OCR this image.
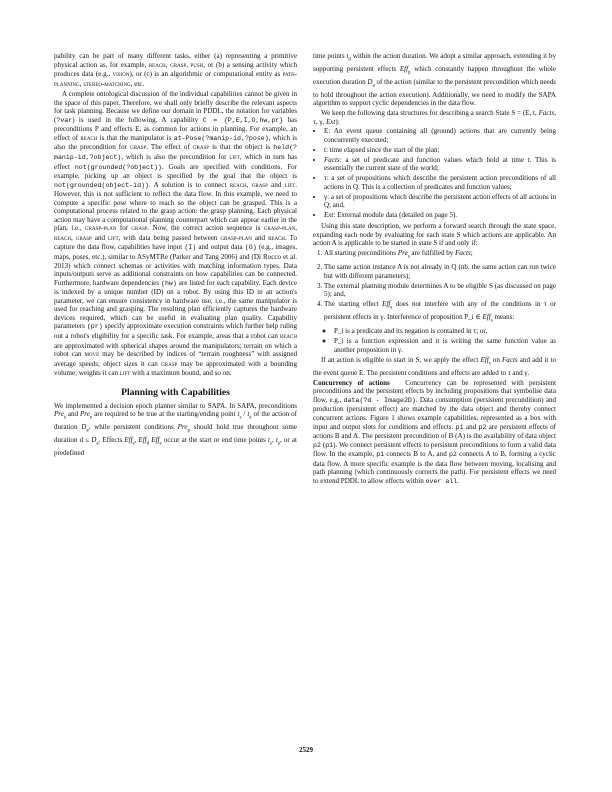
pability can be part of many different tasks, either (a) representing a primitive physical action as, for example, reach, grasp, push, or (b) a sensing activity which produces data (e.g., vision), or (c) is an algorithmic or computational entity as path-planning, stereo-matching, etc.

A complete ontological discussion of the individual capabilities cannot be given in the space of this paper. Therefore, we shall only briefly describe the relevant aspects for task planning. Because we define our domain in PDDL, the notation for variables (?var) is used in the following. A capability C = {P,E,I,O,hw,pr} has preconditions P and effects E, as common for actions in planning. For example, an effect of reach is that the manipulator is at-Pose(?manip-id,?pose), which is also the precondition for grasp. The effect of grasp is that the object is held(?manip-id,?object), which is also the precondition for lift, which in turn has effect not(grounded(?object)). Goals are specified with conditions. For example, picking up an object is specified by the goal that the object is not(grounded(object-id)). A solution is to connect reach, grasp and lift. However, this is not sufficient to reflect the data flow. In this example, we need to compute a specific pose where to reach so the object can be grasped. This is a computational process related to the grasp action: the grasp planning. Each physical action may have a computational planning counterpart which can appear earlier in the plan, i.e., grasp-plan for grasp. Now, the correct action sequence is grasp-plan, reach, grasp and lift, with data being passed between grasp-plan and reach. To capture the data flow, capabilities have input (I) and output data (O) (e.g., images, maps, poses, etc.), similar to ASyMTRe (Parker and Tang 2006) and (Di Rocco et al. 2013) which connect schemas or activities with matching information types. Data inputs/outputs serve as additional constraints on how capabilities can be connected. Furthermore, hardware dependencies (hw) are listed for each capability. Each device is indexed by a unique number (ID) on a robot. By using this ID in an action's parameter, we can ensure consistency in hardware use, i.e., the same manipulator is used for reaching and grasping. The resulting plan efficiently captures the hardware devices required, which can be useful in evaluating plan quality. Capability parameters (pr) specify approximate execution constraints which further help ruling out a robot's eligibility for a specific task. For example, areas that a robot can reach are approximated with spherical shapes around the manipulators; terrain on which a robot can move may be described by indices of “terrain roughness” with assigned average speeds; object sizes it can grasp may be approximated with a bounding volume; weights it can lift with a maximum bound, and so on.

Planning with Capabilities

We implemented a decision epoch planner similar to SAPA. In SAPA, preconditions Pre$_s$ and Pre$_e$ are required to be true at the starting/ending point $t_s / t_e$ of the action of duration $D_a$, while persistent conditions Pre$_p$ should hold true throughout some duration $d \le D_a$. Effects Eff$_s$, Eff$_d$ Eff$_e$ occur at the start or end time points $t_s$, $t_e$, or at predefined

time points $t_d$ within the action duration. We adopt a similar approach, extending it by supporting persistent effects Eff$_p$ which constantly happen throughout the whole execution duration $D_a$ of the action (similar to the persistent precondition which needs to hold throughout the action execution). Additionally, we need to modify the SAPA algorithm to support cyclic dependencies in the data flow.

We keep the following data structures for describing a search State S = (E, t, Facts, τ, γ, Ext):

• E: An event queue containing all (ground) actions that are currently being concurrently executed;
• t: time elapsed since the start of the plan;
• Facts: a set of predicate and function values which hold at time t. This is essentially the current state of the world;
• τ: a set of propositions which describe the persistent action preconditions of all actions in Q. This is a collection of predicates and function values;
• γ: a set of propositions which describe the persistent action effects of all actions in Q; and,
• Ext: External module data (detailed on page 5).

Using this state description, we perform a forward search through the state space, expanding each node by evaluating for each state S which actions are applicable. An action A is applicable to be started in state S if and only if:

1. All starting preconditions Pre$_s$ are fulfilled by Facts;
2. The same action instance A is not already in Q (nb. the same action can run twice but with different parameters);
3. The external planning module determines A to be eligible S (as discussed on page 5); and,
4. The starting effect Eff$_s$ does not interfere with any of the conditions in τ or persistent effects in γ. Interference of proposition P_i ∈ Eff$_s$ means:
◦ P_i is a predicate and its negation is contained in τ; or,
◦ P_i is a function expression and it is writing the same function value as another proposition in γ.

If an action is eligible to start in S, we apply the effect Eff$_s$ on Facts and add it to the event queue E. The persistent conditions and effects are added to τ and γ.

Concurrency of actions Concurrency can be represented with persistent preconditions and the persistent effects by including propositions that symbolise data flow, e.g., data(?d - Image2D). Data consumption (persistent precondition) and production (persistent effect) are matched by the data object and thereby connect concurrent actions. Figure 1 shows example capabilities, represented as a box with input and output slots for conditions and effects. p1 and p2 are persistent effects of actions B and A. The persistent precondition of B (A) is the availability of data object p2 (p1). We connect persistent effects to persistent preconditions to form a valid data flow. In the example, p1 connects B to A, and p2 connects A to B, forming a cyclic data flow. A more specific example is the data flow between moving, localising and path planning (which continuously corrects the path). For persistent effects we need to extend PDDL to allow effects within over all.

2529
